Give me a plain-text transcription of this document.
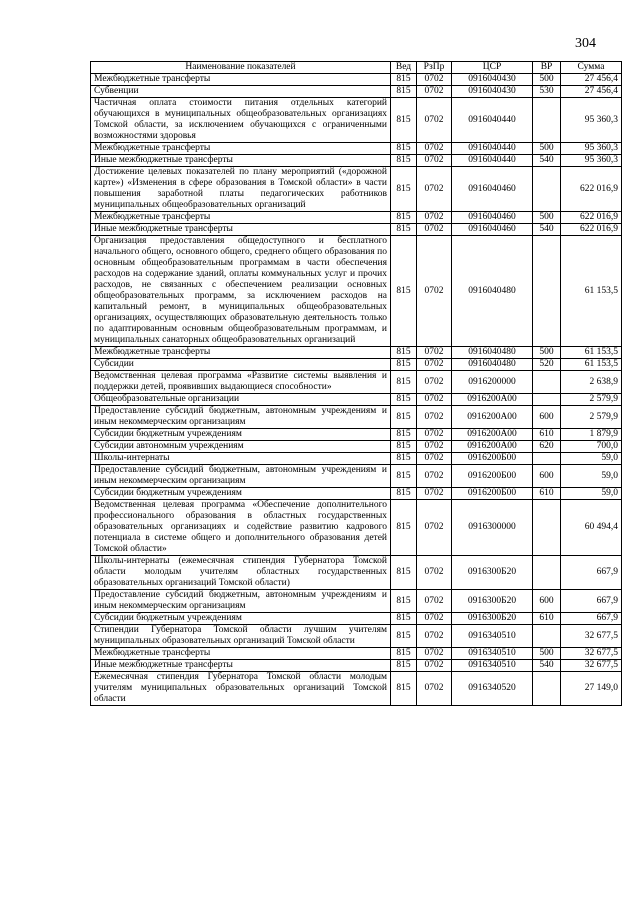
304
Наименование показателей	Вед	РзПр	ЦСР	ВР	Сумма
Межбюджетные трансферты	815	0702	0916040430	500	27 456,4
Субвенции	815	0702	0916040430	530	27 456,4
Частичная оплата стоимости питания отдельных категорий обучающихся в муниципальных общеобразовательных организациях Томской области, за исключением обучающихся с ограниченными возможностями здоровья	815	0702	0916040440		95 360,3
Межбюджетные трансферты	815	0702	0916040440	500	95 360,3
Иные межбюджетные трансферты	815	0702	0916040440	540	95 360,3
Достижение целевых показателей по плану мероприятий («дорожной карте») «Изменения в сфере образования в Томской области» в части повышения заработной платы педагогических работников муниципальных общеобразовательных организаций	815	0702	0916040460		622 016,9
Межбюджетные трансферты	815	0702	0916040460	500	622 016,9
Иные межбюджетные трансферты	815	0702	0916040460	540	622 016,9
Организация предоставления общедоступного и бесплатного начального общего, основного общего, среднего общего образования по основным общеобразовательным программам в части обеспечения расходов на содержание зданий, оплаты коммунальных услуг и прочих расходов, не связанных с обеспечением реализации основных общеобразовательных программ, за исключением расходов на капитальный ремонт, в муниципальных общеобразовательных организациях, осуществляющих образовательную деятельность только по адаптированным основным общеобразовательным программам, и муниципальных санаторных общеобразовательных организаций	815	0702	0916040480		61 153,5
Межбюджетные трансферты	815	0702	0916040480	500	61 153,5
Субсидии	815	0702	0916040480	520	61 153,5
Ведомственная целевая программа «Развитие системы выявления и поддержки детей, проявивших выдающиеся способности»	815	0702	0916200000		2 638,9
Общеобразовательные организации	815	0702	0916200А00		2 579,9
Предоставление субсидий бюджетным, автономным учреждениям и иным некоммерческим организациям	815	0702	0916200А00	600	2 579,9
Субсидии бюджетным учреждениям	815	0702	0916200А00	610	1 879,9
Субсидии автономным учреждениям	815	0702	0916200А00	620	700,0
Школы-интернаты	815	0702	0916200Б00		59,0
Предоставление субсидий бюджетным, автономным учреждениям и иным некоммерческим организациям	815	0702	0916200Б00	600	59,0
Субсидии бюджетным учреждениям	815	0702	0916200Б00	610	59,0
Ведомственная целевая программа «Обеспечение дополнительного профессионального образования в областных государственных образовательных организациях и содействие развитию кадрового потенциала в системе общего и дополнительного образования детей Томской области»	815	0702	0916300000		60 494,4
Школы-интернаты (ежемесячная стипендия Губернатора Томской области молодым учителям областных государственных образовательных организаций Томской области)	815	0702	0916300Б20		667,9
Предоставление субсидий бюджетным, автономным учреждениям и иным некоммерческим организациям	815	0702	0916300Б20	600	667,9
Субсидии бюджетным учреждениям	815	0702	0916300Б20	610	667,9
Стипендии Губернатора Томской области лучшим учителям муниципальных образовательных организаций Томской области	815	0702	0916340510		32 677,5
Межбюджетные трансферты	815	0702	0916340510	500	32 677,5
Иные межбюджетные трансферты	815	0702	0916340510	540	32 677,5
Ежемесячная стипендия Губернатора Томской области молодым учителям муниципальных образовательных организаций Томской области	815	0702	0916340520		27 149,0
